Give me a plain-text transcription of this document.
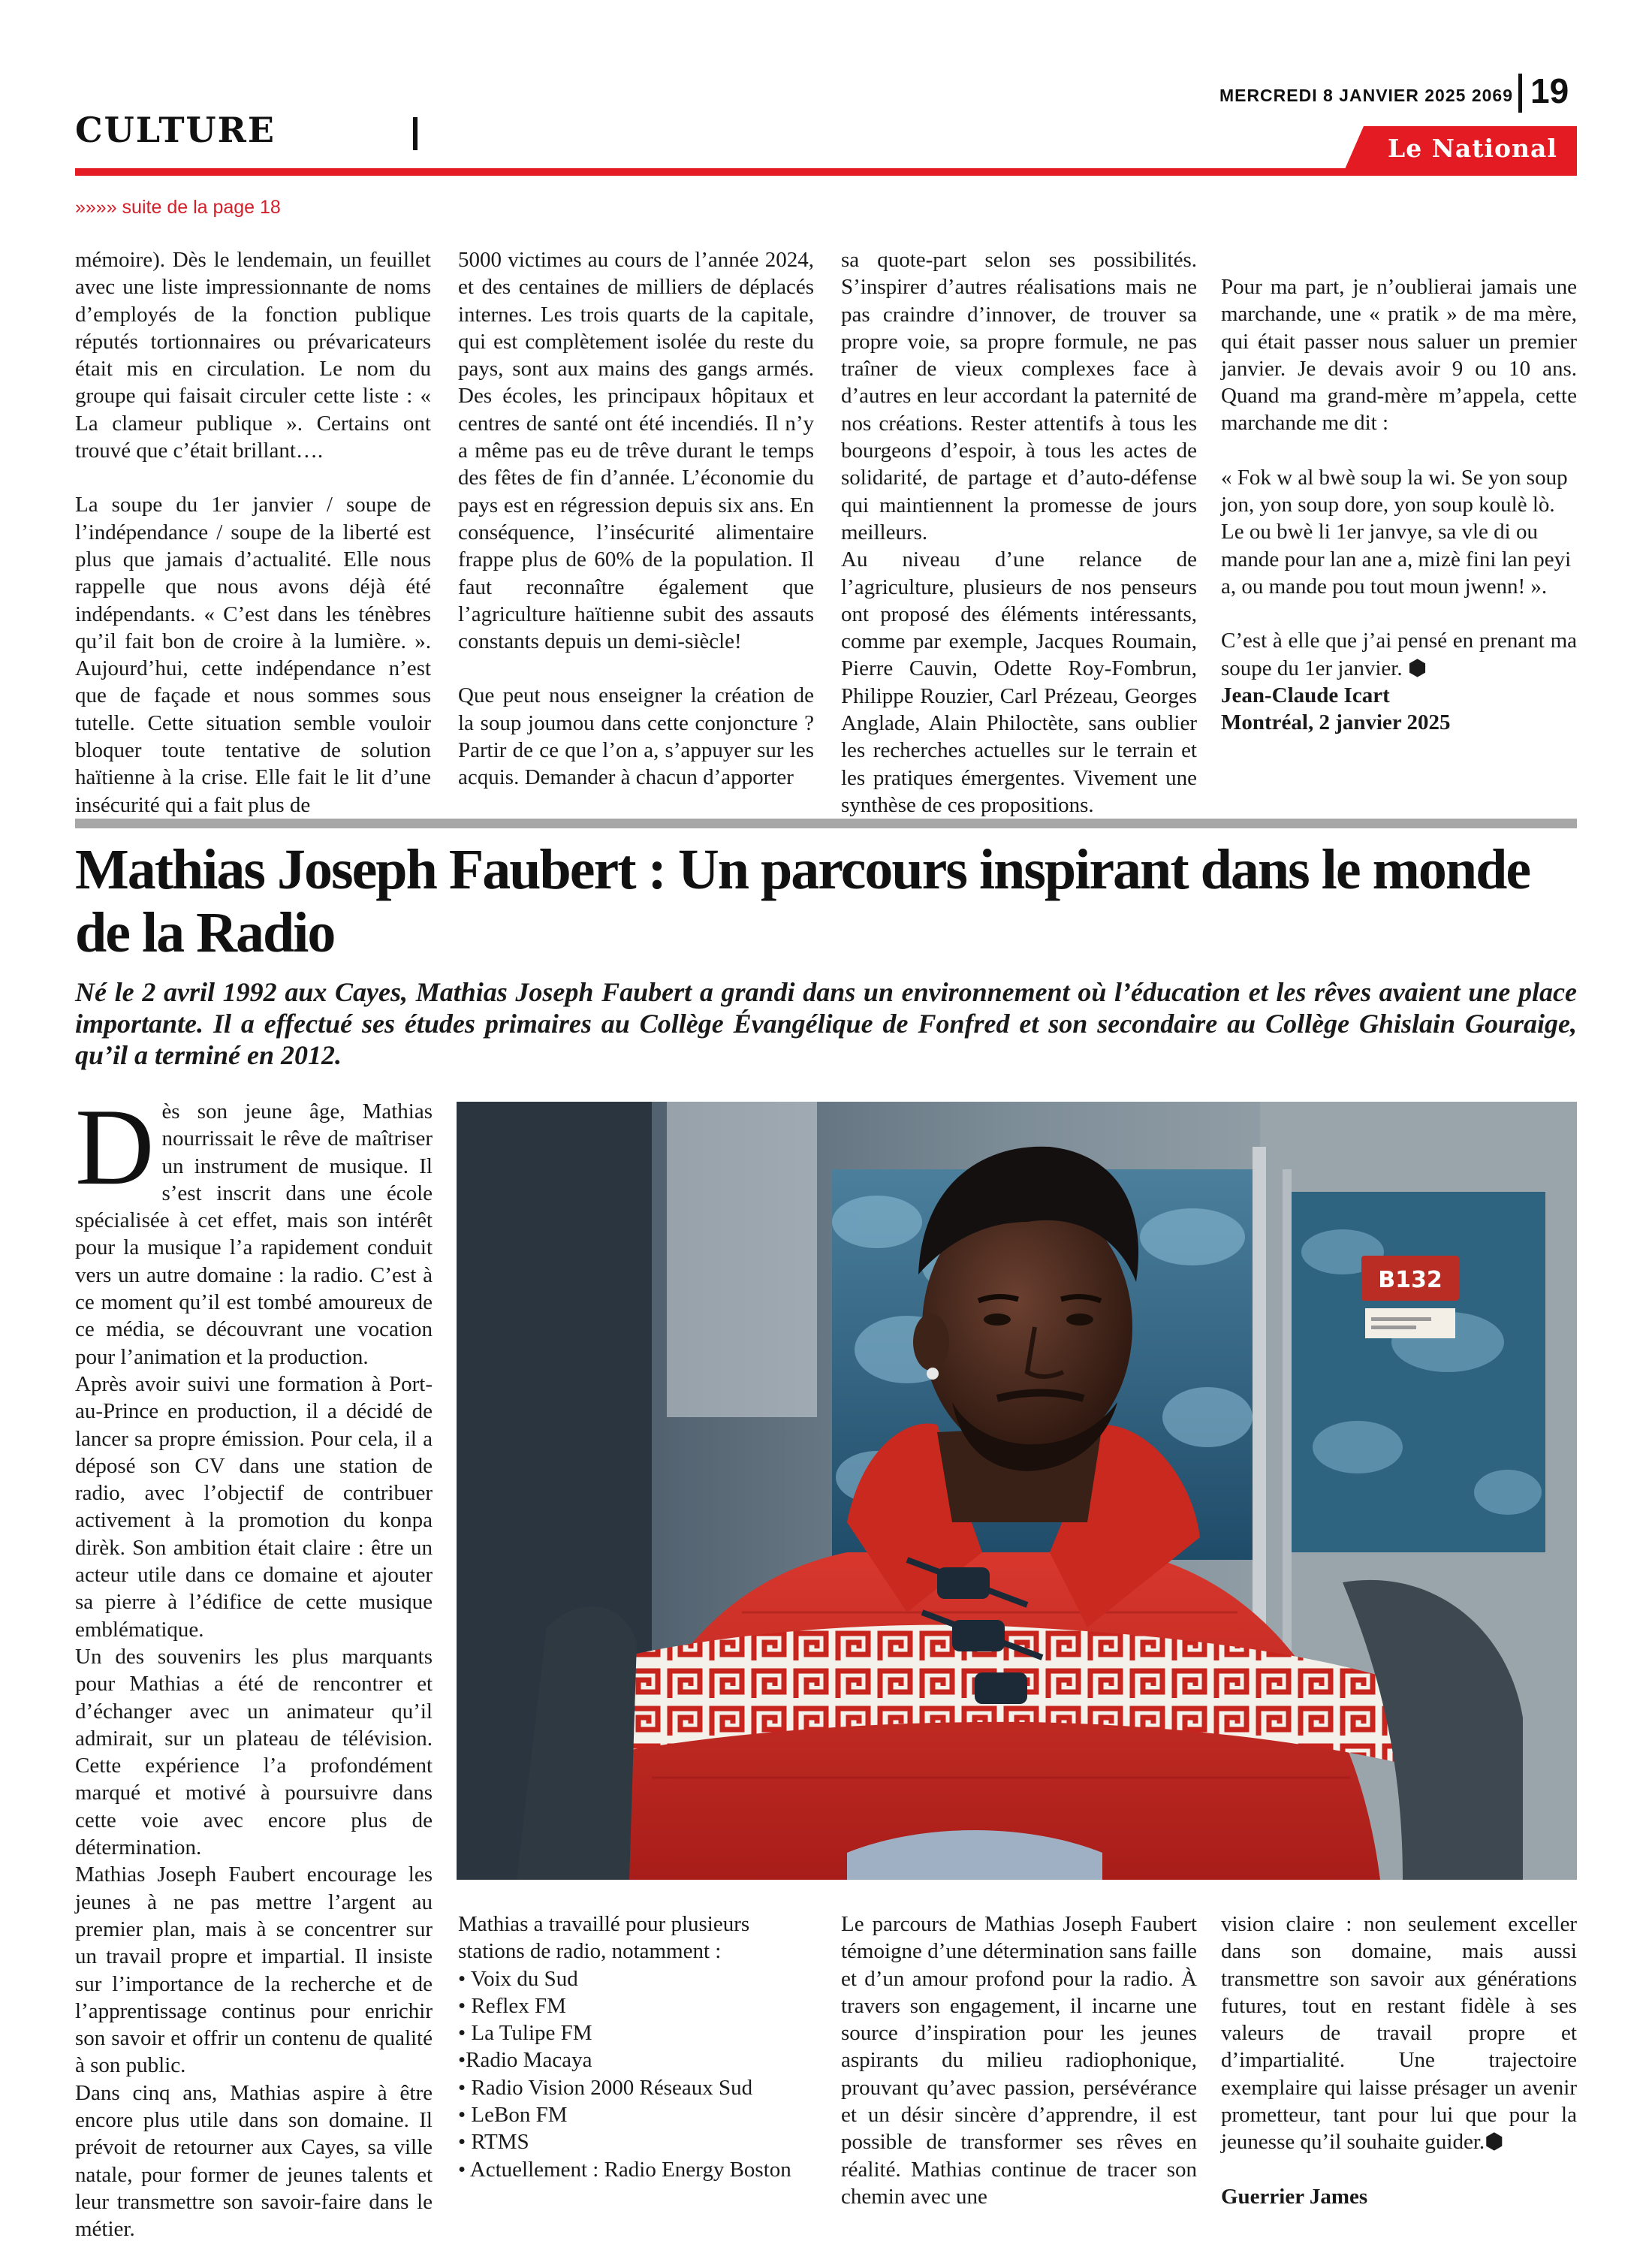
CULTURE
MERCREDI 8 JANVIER 2025 2069 19
Le National
»»»» suite de la page 18

mémoire). Dès le lendemain, un feuillet avec une liste impressionnante de noms d’employés de la fonction publique réputés tortionnaires ou prévaricateurs était mis en circulation. Le nom du groupe qui faisait circuler cette liste : « La clameur publique ». Certains ont trouvé que c’était brillant….

La soupe du 1er janvier / soupe de l’indépendance / soupe de la liberté est plus que jamais d’actualité. Elle nous rappelle que nous avons déjà été indépendants. « C’est dans les ténèbres qu’il fait bon de croire à la lumière. ». Aujourd’hui, cette indépendance n’est que de façade et nous sommes sous tutelle. Cette situation semble vouloir bloquer toute tentative de solution haïtienne à la crise. Elle fait le lit d’une insécurité qui a fait plus de

5000 victimes au cours de l’année 2024, et des centaines de milliers de déplacés internes. Les trois quarts de la capitale, qui est complètement isolée du reste du pays, sont aux mains des gangs armés. Des écoles, les principaux hôpitaux et centres de santé ont été incendiés. Il n’y a même pas eu de trêve durant le temps des fêtes de fin d’année. L’économie du pays est en régression depuis six ans. En conséquence, l’insécurité alimentaire frappe plus de 60% de la population. Il faut reconnaître également que l’agriculture haïtienne subit des assauts constants depuis un demi-siècle!

Que peut nous enseigner la création de la soup joumou dans cette conjoncture ? Partir de ce que l’on a, s’appuyer sur les acquis. Demander à chacun d’apporter

sa quote-part selon ses possibilités. S’inspirer d’autres réalisations mais ne pas craindre d’innover, de trouver sa propre voie, sa propre formule, ne pas traîner de vieux complexes face à d’autres en leur accordant la paternité de nos créations. Rester attentifs à tous les bourgeons d’espoir, à tous les actes de solidarité, de partage et d’auto-défense qui maintiennent la promesse de jours meilleurs.

Au niveau d’une relance de l’agriculture, plusieurs de nos penseurs ont proposé des éléments intéressants, comme par exemple, Jacques Roumain, Pierre Cauvin, Odette Roy-Fombrun, Philippe Rouzier, Carl Prézeau, Georges Anglade, Alain Philoctète, sans oublier les recherches actuelles sur le terrain et les pratiques émergentes. Vivement une synthèse de ces propositions.

Pour ma part, je n’oublierai jamais une marchande, une « pratik » de ma mère, qui était passer nous saluer un premier janvier. Je devais avoir 9 ou 10 ans. Quand ma grand-mère m’appela, cette marchande me dit :

« Fok w al bwè soup la wi. Se yon soup jon, yon soup dore, yon soup koulè lò. Le ou bwè li 1er janvye, sa vle di ou mande pour lan ane a, mizè fini lan peyi a, ou mande pou tout moun jwenn! ».

C’est à elle que j’ai pensé en prenant ma soupe du 1er janvier. ⬢

Jean-Claude Icart

Montréal, 2 janvier 2025

Mathias Joseph Faubert : Un parcours inspirant dans le monde de la Radio

Né le 2 avril 1992 aux Cayes, Mathias Joseph Faubert a grandi dans un environnement où l’éducation et les rêves avaient une place importante. Il a effectué ses études primaires au Collège Évangélique de Fonfred et son secondaire au Collège Ghislain Gouraige, qu’il a terminé en 2012.

B132

Dès son jeune âge, Mathias nourrissait le rêve de maîtriser un instrument de musique. Il s’est inscrit dans une école spécialisée à cet effet, mais son intérêt pour la musique l’a rapidement conduit vers un autre domaine : la radio. C’est à ce moment qu’il est tombé amoureux de ce média, se découvrant une vocation pour l’animation et la production.

Après avoir suivi une formation à Port-au-Prince en production, il a décidé de lancer sa propre émission. Pour cela, il a déposé son CV dans une station de radio, avec l’objectif de contribuer activement à la promotion du konpa dirèk. Son ambition était claire : être un acteur utile dans ce domaine et ajouter sa pierre à l’édifice de cette musique emblématique.

Un des souvenirs les plus marquants pour Mathias a été de rencontrer et d’échanger avec un animateur qu’il admirait, sur un plateau de télévision. Cette expérience l’a profondément marqué et motivé à poursuivre dans cette voie avec encore plus de détermination.

Mathias Joseph Faubert encourage les jeunes à ne pas mettre l’argent au premier plan, mais à se concentrer sur un travail propre et impartial. Il insiste sur l’importance de la recherche et de l’apprentissage continus pour enrichir son savoir et offrir un contenu de qualité à son public.

Dans cinq ans, Mathias aspire à être encore plus utile dans son domaine. Il prévoit de retourner aux Cayes, sa ville natale, pour former de jeunes talents et leur transmettre son savoir-faire dans le métier.

Mathias a travaillé pour plusieurs stations de radio, notamment :

• Voix du Sud
• Reflex FM
• La Tulipe FM
•Radio Macaya
• Radio Vision 2000 Réseaux Sud
• LeBon FM
• RTMS
• Actuellement : Radio Energy Boston

Le parcours de Mathias Joseph Faubert témoigne d’une détermination sans faille et d’un amour profond pour la radio. À travers son engagement, il incarne une source d’inspiration pour les jeunes aspirants du milieu radiophonique, prouvant qu’avec passion, persévérance et un désir sincère d’apprendre, il est possible de transformer ses rêves en réalité. Mathias continue de tracer son chemin avec une

vision claire : non seulement exceller dans son domaine, mais aussi transmettre son savoir aux générations futures, tout en restant fidèle à ses valeurs de travail propre et d’impartialité. Une trajectoire exemplaire qui laisse présager un avenir prometteur, tant pour lui que pour la jeunesse qu’il souhaite guider.⬢

Guerrier James
